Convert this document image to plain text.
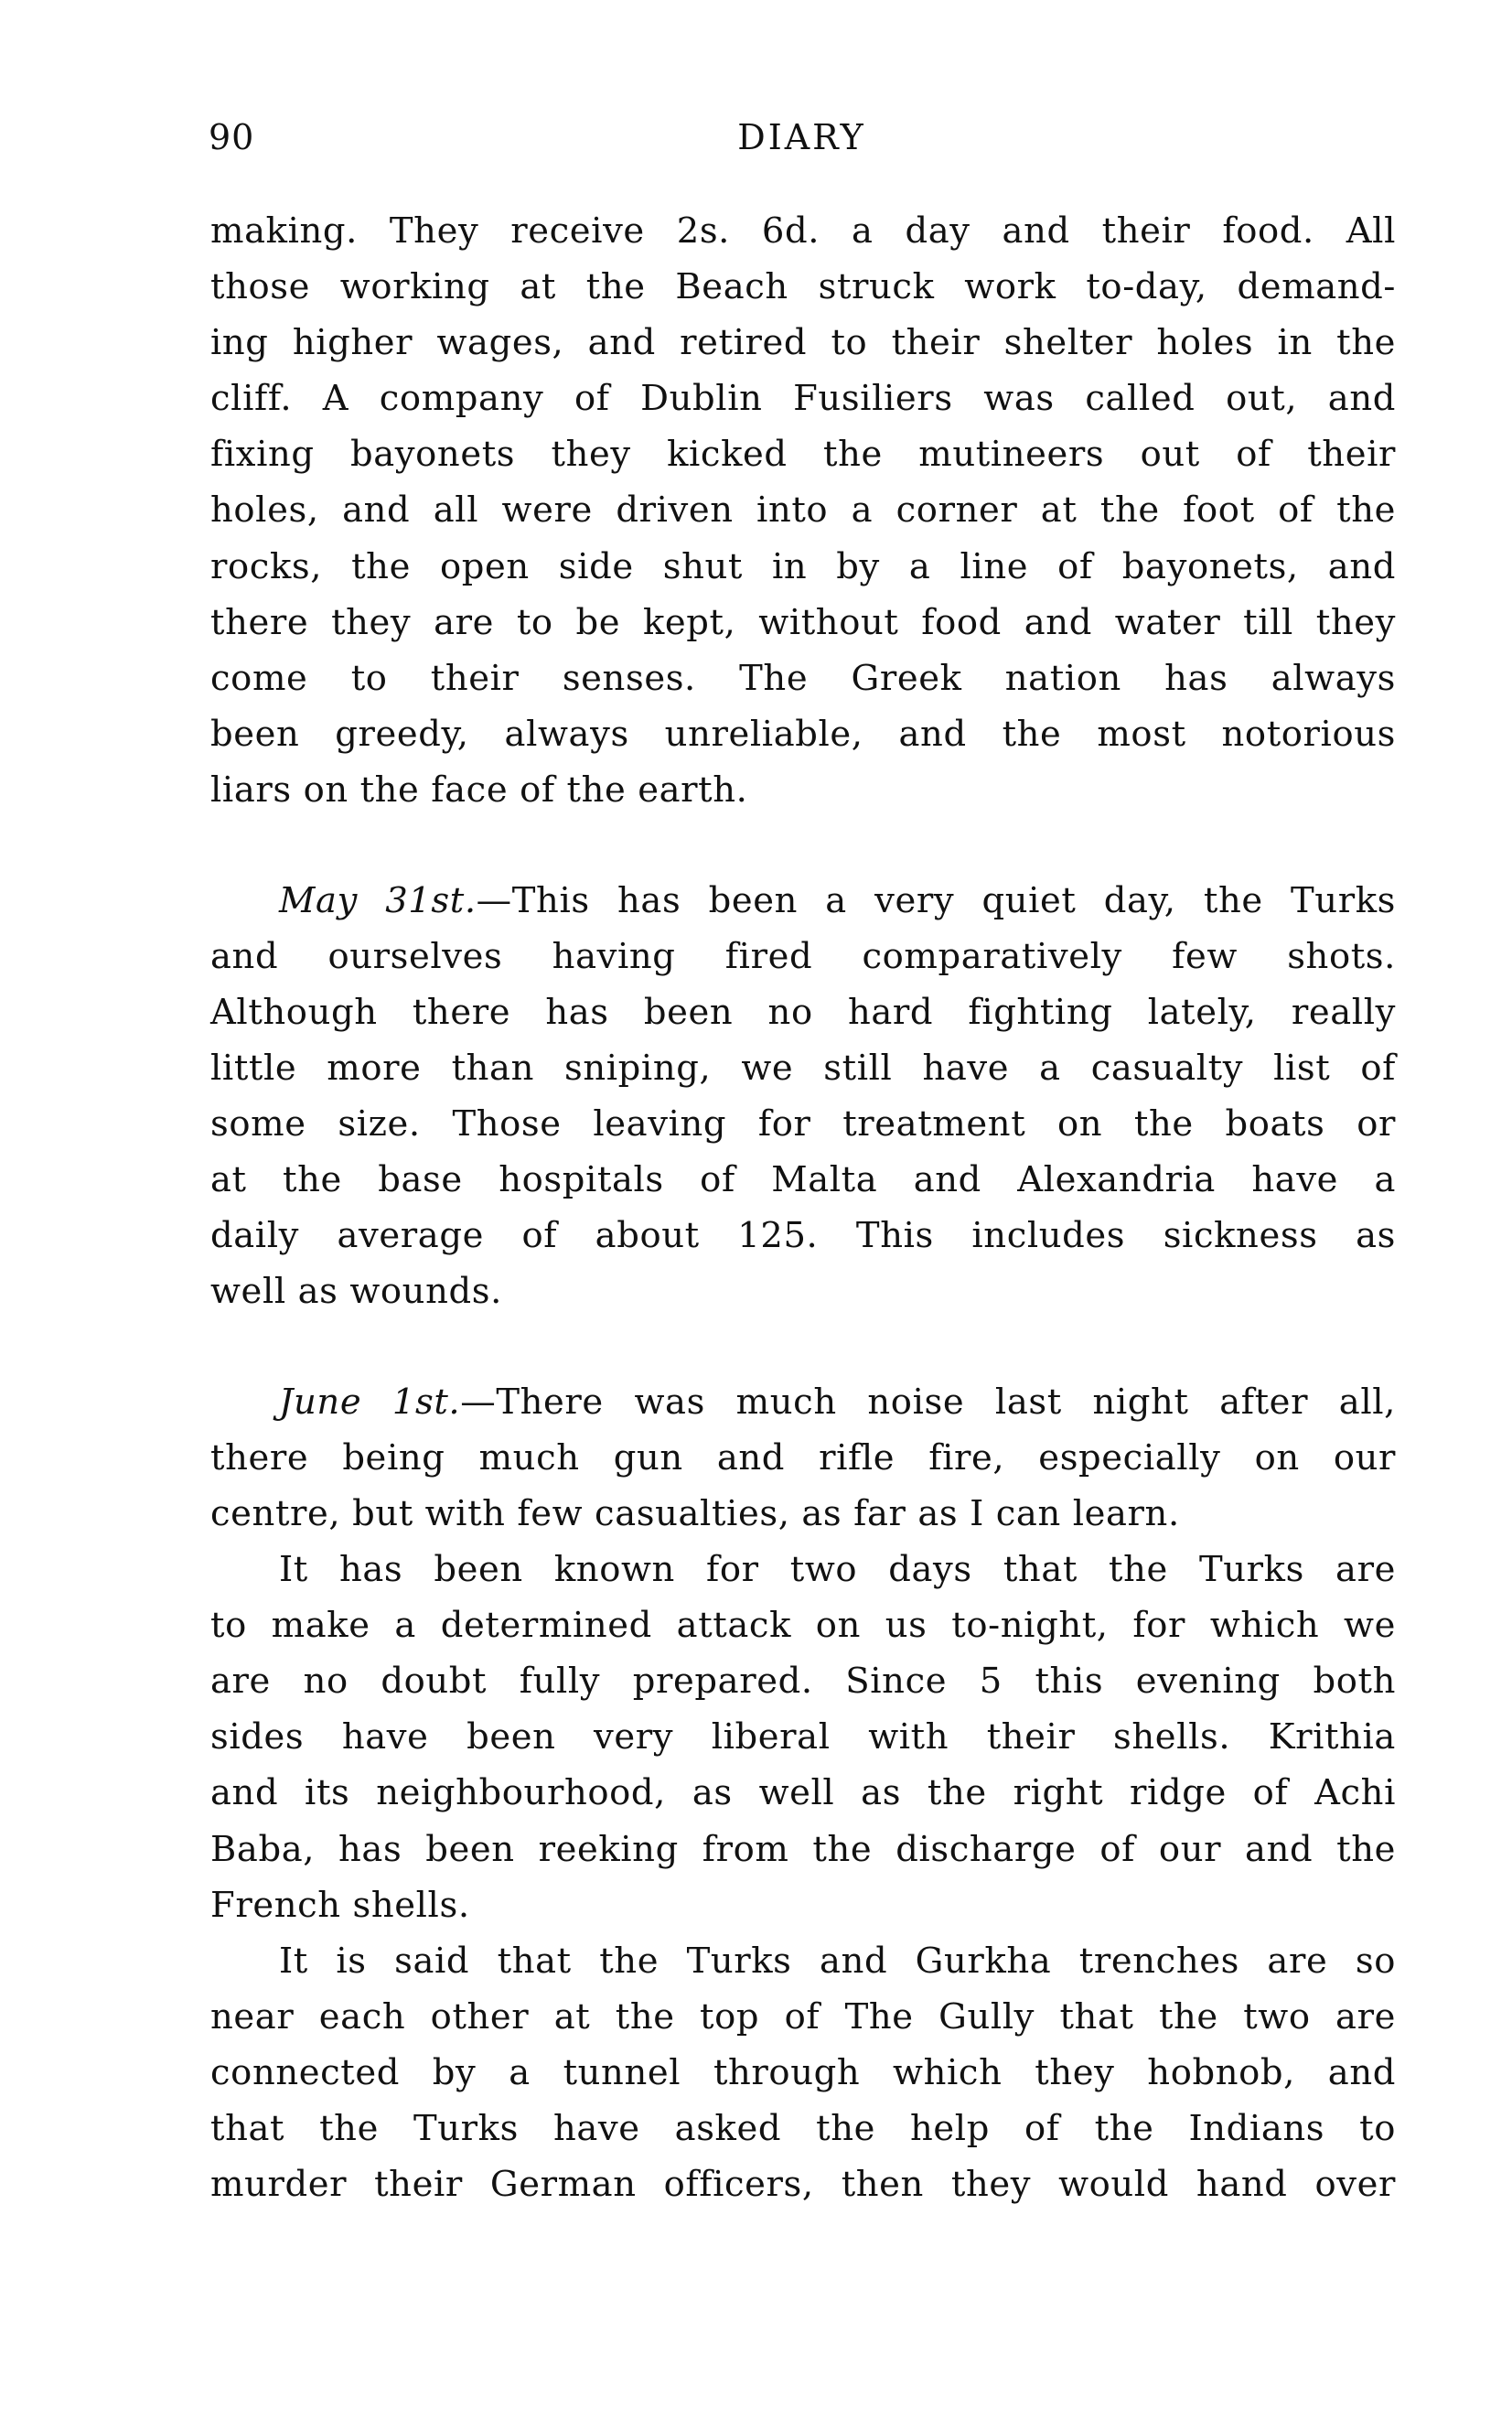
90	DIARY
making. They receive 2s. 6d. a day and their food. All
those working at the Beach struck work to-day, demand-
ing higher wages, and retired to their shelter holes in the
cliff. A company of Dublin Fusiliers was called out, and
fixing bayonets they kicked the mutineers out of their
holes, and all were driven into a corner at the foot of the
rocks, the open side shut in by a line of bayonets, and
there they are to be kept, without food and water till they
come to their senses. The Greek nation has always
been greedy, always unreliable, and the most notorious
liars on the face of the earth.
May 31st.—This has been a very quiet day, the Turks
and ourselves having fired comparatively few shots.
Although there has been no hard fighting lately, really
little more than sniping, we still have a casualty list of
some size. Those leaving for treatment on the boats or
at the base hospitals of Malta and Alexandria have a
daily average of about 125. This includes sickness as
well as wounds.
June 1st.—There was much noise last night after all,
there being much gun and rifle fire, especially on our
centre, but with few casualties, as far as I can learn.
It has been known for two days that the Turks are
to make a determined attack on us to-night, for which we
are no doubt fully prepared. Since 5 this evening both
sides have been very liberal with their shells. Krithia
and its neighbourhood, as well as the right ridge of Achi
Baba, has been reeking from the discharge of our and the
French shells.
It is said that the Turks and Gurkha trenches are so
near each other at the top of The Gully that the two are
connected by a tunnel through which they hobnob, and
that the Turks have asked the help of the Indians to
murder their German officers, then they would hand over
